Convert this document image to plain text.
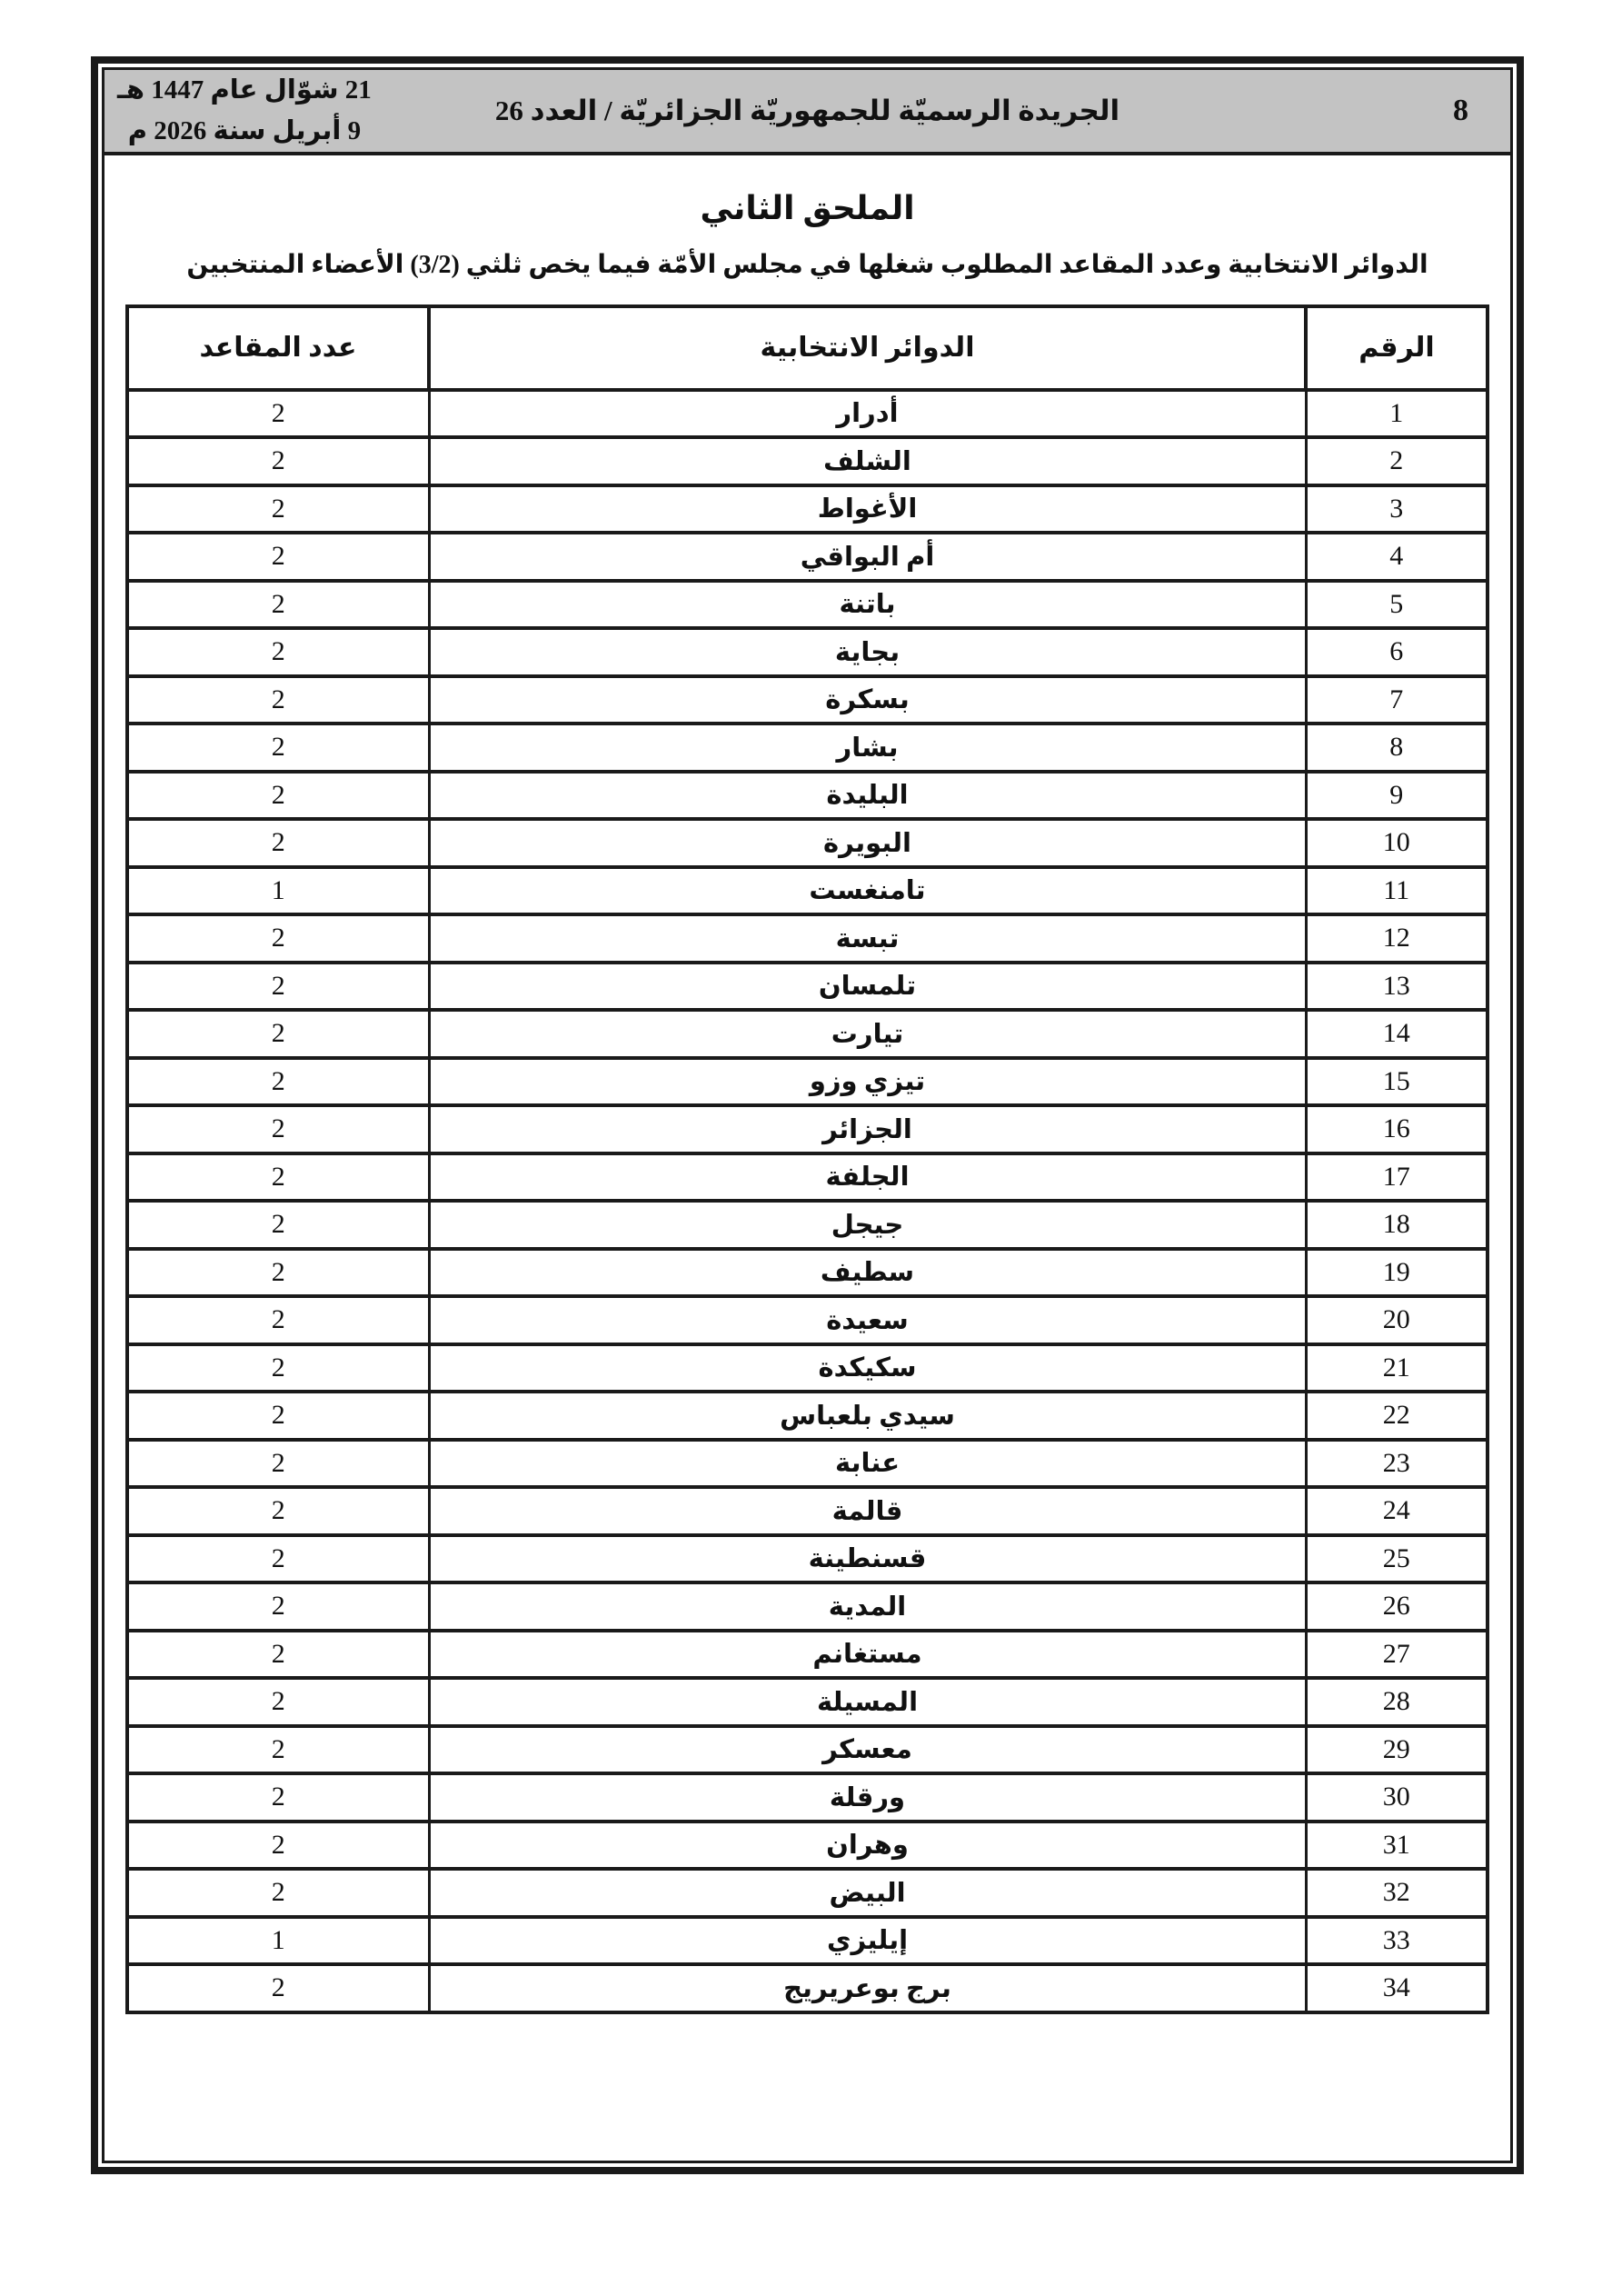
21 شوّال عام 1447 هـ
9 أبريل سنة 2026 م
الجريدة الرسميّة للجمهوريّة الجزائريّة / العدد 26	8
الملحق الثاني
الدوائر الانتخابية وعدد المقاعد المطلوب شغلها في مجلس الأمّة فيما يخص ثلثي (3/2) الأعضاء المنتخبين
الرقم	الدوائر الانتخابية	عدد المقاعد
1	أدرار	2
2	الشلف	2
3	الأغواط	2
4	أم البواقي	2
5	باتنة	2
6	بجاية	2
7	بسكرة	2
8	بشار	2
9	البليدة	2
10	البويرة	2
11	تامنغست	1
12	تبسة	2
13	تلمسان	2
14	تيارت	2
15	تيزي وزو	2
16	الجزائر	2
17	الجلفة	2
18	جيجل	2
19	سطيف	2
20	سعيدة	2
21	سكيكدة	2
22	سيدي بلعباس	2
23	عنابة	2
24	قالمة	2
25	قسنطينة	2
26	المدية	2
27	مستغانم	2
28	المسيلة	2
29	معسكر	2
30	ورقلة	2
31	وهران	2
32	البيض	2
33	إيليزي	1
34	برج بوعريريج	2
